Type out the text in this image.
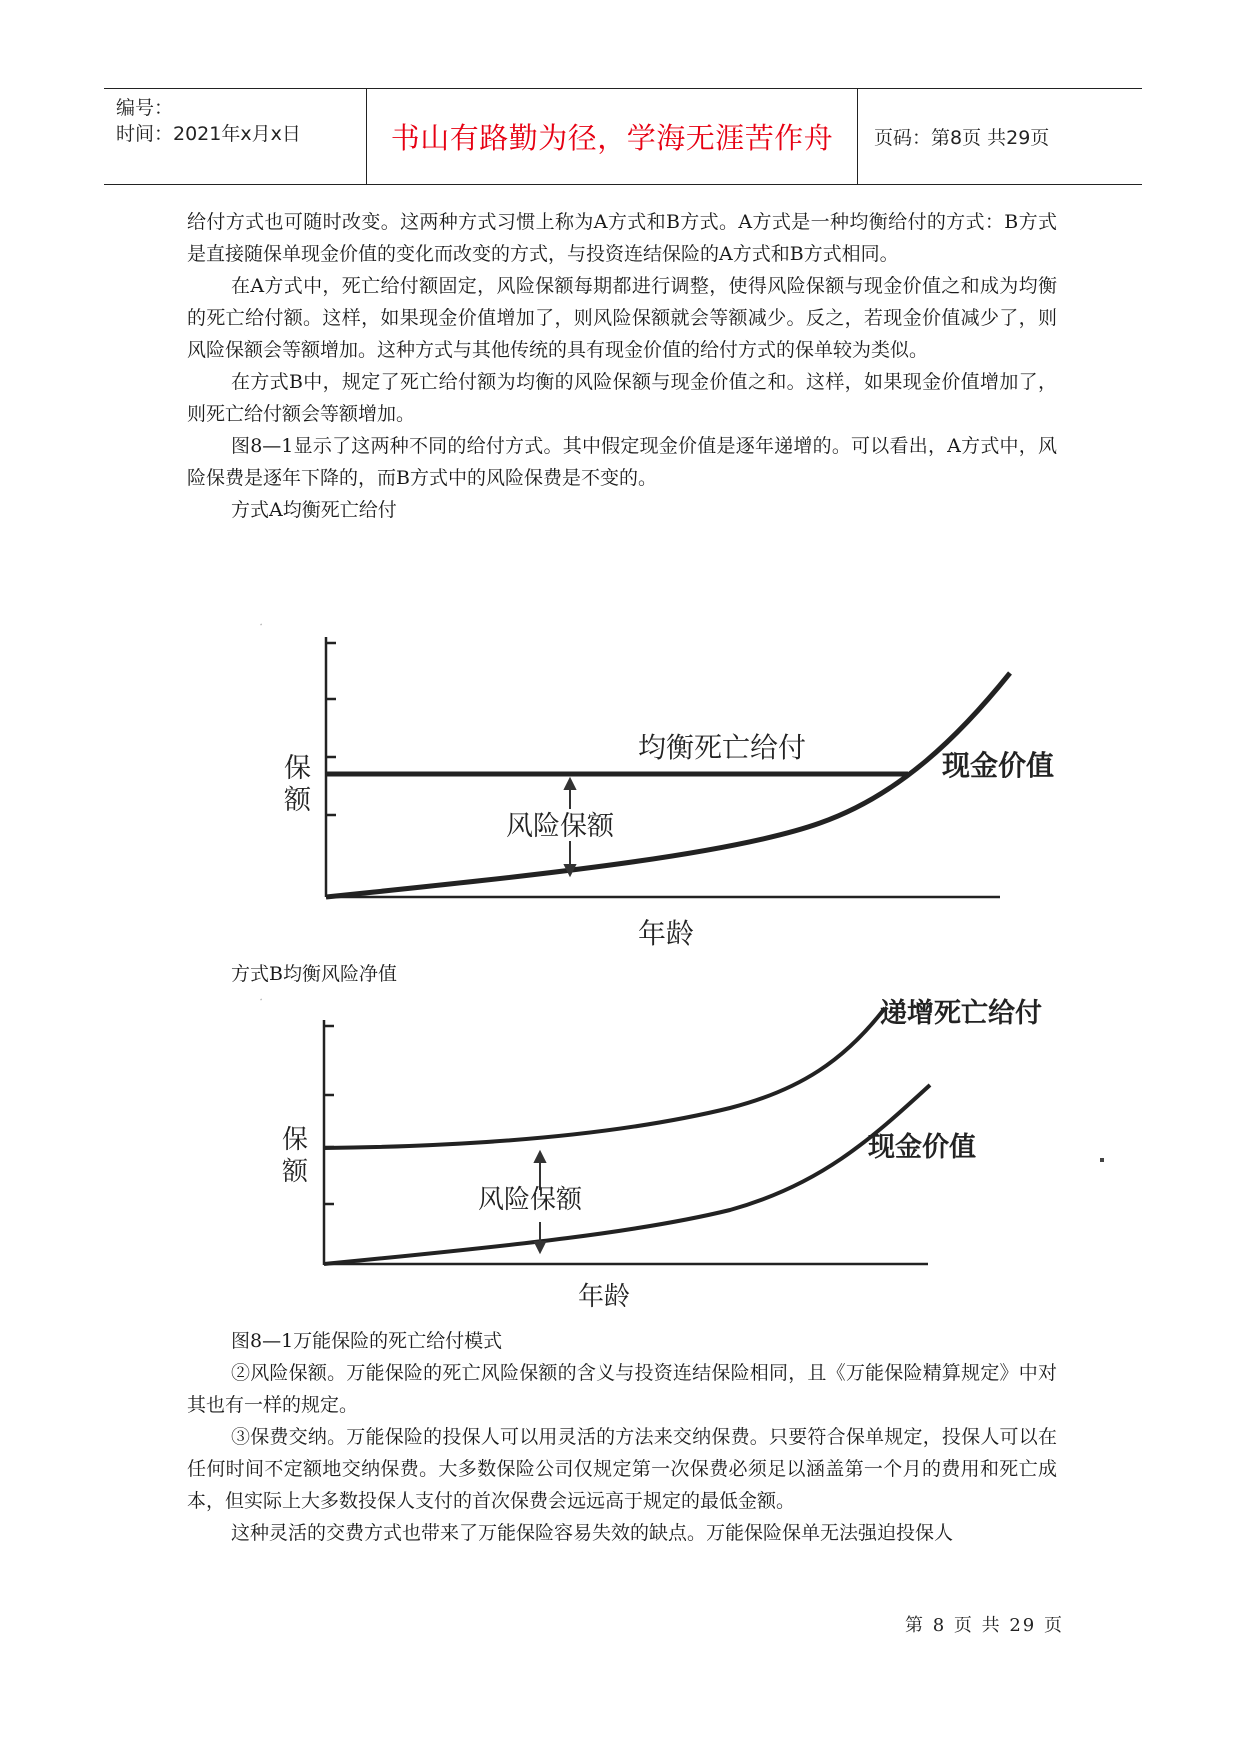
编号：
时间：2021年x月x日	书山有路勤为径，学海无涯苦作舟	页码：第8页 共29页

给付方式也可随时改变。这两种方式习惯上称为A方式和B方式。A方式是一种均衡给付的方式：B方式是直接随保单现金价值的变化而改变的方式，与投资连结保险的A方式和B方式相同。

在A方式中，死亡给付额固定，风险保额每期都进行调整，使得风险保额与现金价值之和成为均衡的死亡给付额。这样，如果现金价值增加了，则风险保额就会等额减少。反之，若现金价值减少了，则风险保额会等额增加。这种方式与其他传统的具有现金价值的给付方式的保单较为类似。

在方式B中，规定了死亡给付额为均衡的风险保额与现金价值之和。这样，如果现金价值增加了，则死亡给付额会等额增加。

图8—1显示了这两种不同的给付方式。其中假定现金价值是逐年递增的。可以看出，A方式中，风险保费是逐年下降的，而B方式中的风险保费是不变的。

方式A均衡死亡给付

保
额
保额
均衡死亡给付
现金价值
风险保额
年龄

方式B均衡风险净值

保
额
保额	递增死亡给付
现金价值
风险保额
年龄

图8—1万能保险的死亡给付模式

②风险保额。万能保险的死亡风险保额的含义与投资连结保险相同，且《万能保险精算规定》中对其也有一样的规定。

③保费交纳。万能保险的投保人可以用灵活的方法来交纳保费。只要符合保单规定，投保人可以在任何时间不定额地交纳保费。大多数保险公司仅规定第一次保费必须足以涵盖第一个月的费用和死亡成本，但实际上大多数投保人支付的首次保费会远远高于规定的最低金额。

这种灵活的交费方式也带来了万能保险容易失效的缺点。万能保险保单无法强迫投保人

第 8 页 共 29 页
